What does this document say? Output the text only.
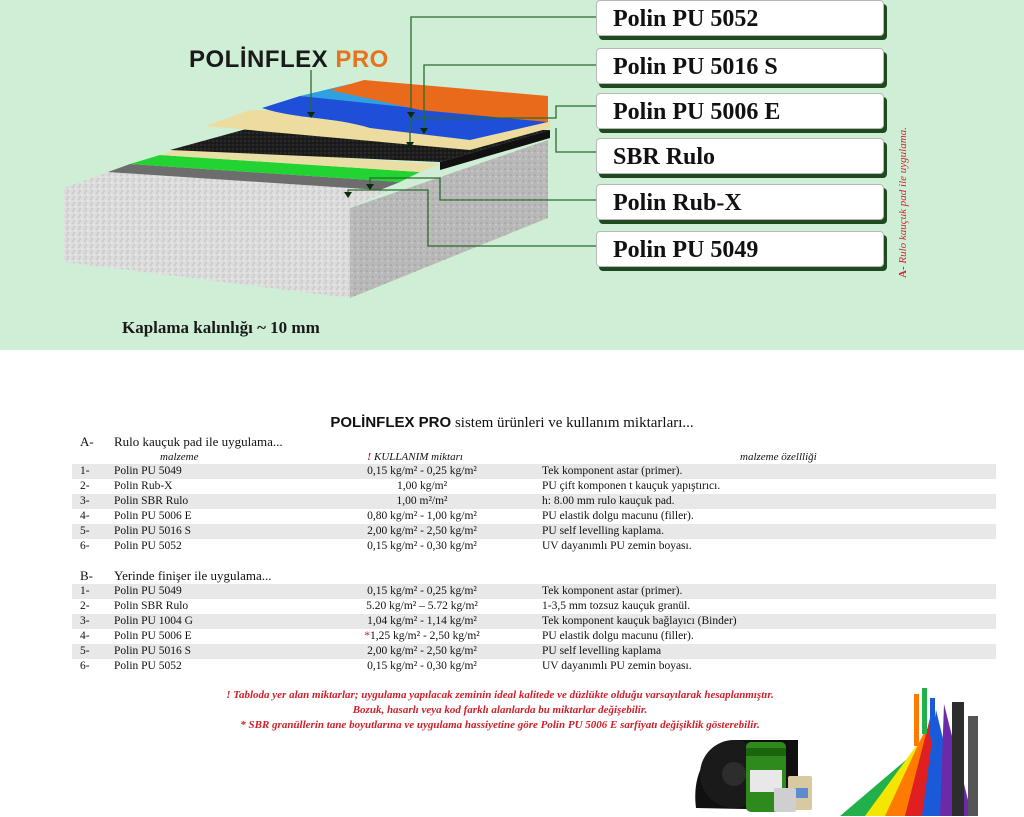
POLİNFLEX PRO
Kaplama kalınlığı ~ 10 mm
Polin PU 5052
Polin PU 5016 S
Polin PU 5006 E
SBR Rulo
Polin Rub-X
Polin PU 5049
A- Rulo kauçuk pad ile uygulama.
POLİNFLEX PRO sistem ürünleri ve kullanım miktarları...
A- Rulo kauçuk pad ile uygulama...
malzeme	! KULLANIM miktarı	malzeme özellliği
1- Polin PU 5049	0,15 kg/m² - 0,25 kg/m²	Tek komponent astar (primer).
2- Polin Rub-X	1,00 kg/m²	PU çift komponen t kauçuk yapıştırıcı.
3- Polin SBR Rulo	1,00 m²/m²	h: 8.00 mm rulo kauçuk pad.
4- Polin PU 5006 E	0,80 kg/m² - 1,00 kg/m²	PU elastik dolgu macunu (filler).
5- Polin PU 5016 S	2,00 kg/m² - 2,50 kg/m²	PU self levelling kaplama.
6- Polin PU 5052	0,15 kg/m² - 0,30 kg/m²	UV dayanımlı PU zemin boyası.
B- Yerinde finişer ile uygulama...
1- Polin PU 5049	0,15 kg/m² - 0,25 kg/m²	Tek komponent astar (primer).
2- Polin SBR Rulo	5.20 kg/m² – 5.72 kg/m²	1-3,5 mm tozsuz kauçuk granül.
3- Polin PU 1004 G	1,04 kg/m² - 1,14 kg/m²	Tek komponent kauçuk bağlayıcı (Binder)
4- Polin PU 5006 E	*1,25 kg/m² - 2,50 kg/m²	PU elastik dolgu macunu (filler).
5- Polin PU 5016 S	2,00 kg/m² - 2,50 kg/m²	PU self levelling kaplama
6- Polin PU 5052	0,15 kg/m² - 0,30 kg/m²	UV dayanımlı PU zemin boyası.
! Tabloda yer alan miktarlar; uygulama yapılacak zeminin ideal kalitede ve düzlükte olduğu varsayılarak hesaplanmıştır.
Bozuk, hasarlı veya kod farklı alanlarda bu miktarlar değişebilir.
* SBR granüllerin tane boyutlarına ve uygulama hassiyetine göre Polin PU 5006 E sarfiyatı değişiklik gösterebilir.
